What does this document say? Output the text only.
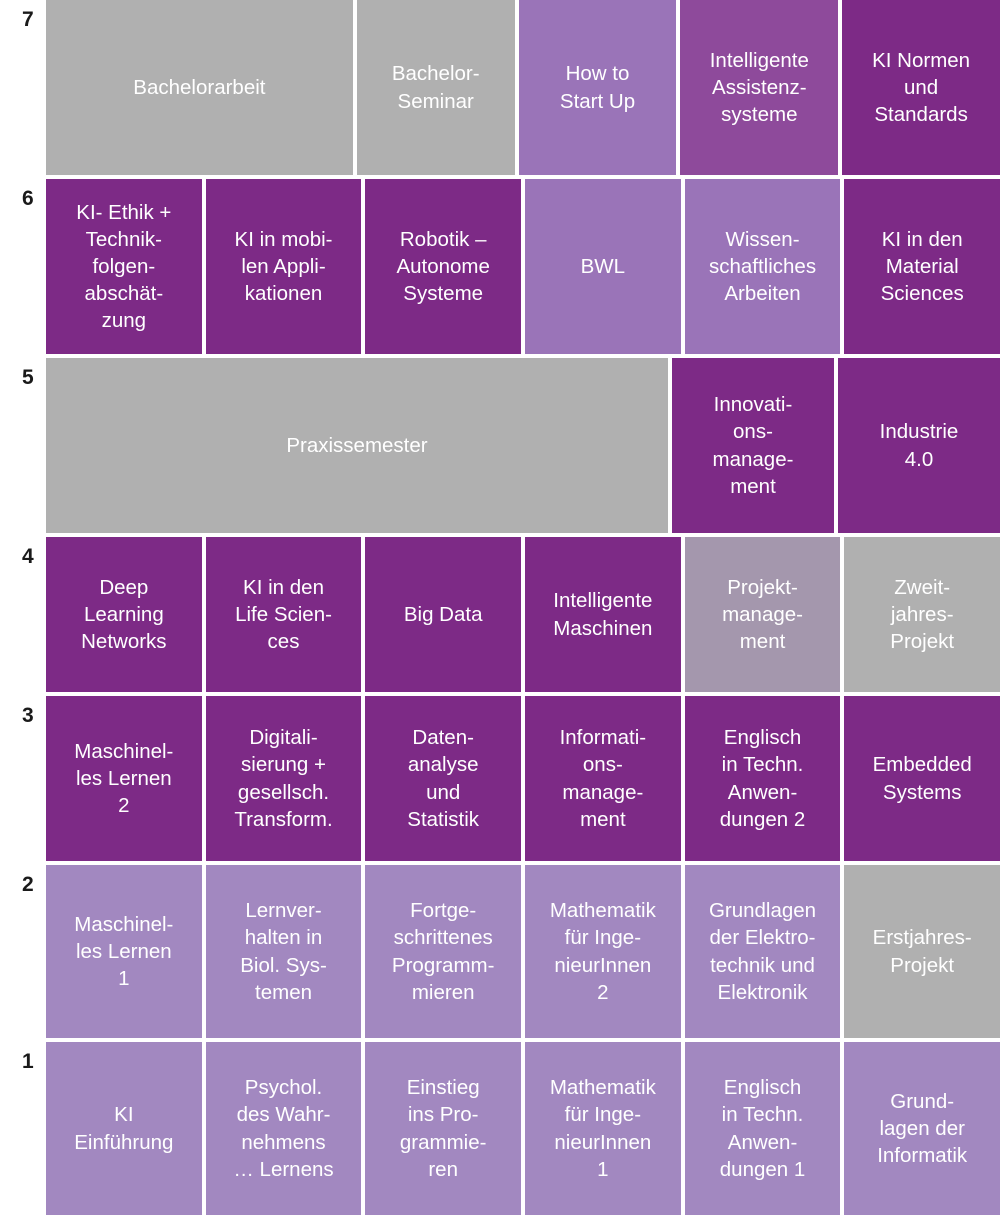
7
Bachelorarbeit
Bachelor-
Seminar
How to
Start Up
Intelligente
Assistenz-
systeme
KI Normen
und
Standards
6
KI- Ethik +
Technik-
folgen-
abschät-
zung
KI in mobi-
len Appli-
kationen
Robotik –
Autonome
Systeme
BWL
Wissen-
schaftliches
Arbeiten
KI in den
Material
Sciences
5
Praxissemester
Innovati-
ons-
manage-
ment
Industrie
4.0
4
Deep
Learning
Networks
KI in den
Life Scien-
ces
Big Data
Intelligente
Maschinen
Projekt-
manage-
ment
Zweit-
jahres-
Projekt
3
Maschinel-
les Lernen
2
Digitali-
sierung +
gesellsch.
Transform.
Daten-
analyse
und
Statistik
Informati-
ons-
manage-
ment
Englisch
in Techn.
Anwen-
dungen 2
Embedded
Systems
2
Maschinel-
les Lernen
1
Lernver-
halten in
Biol. Sys-
temen
Fortge-
schrittenes
Programm-
mieren
Mathematik
für Inge-
nieurInnen
2
Grundlagen
der Elektro-
technik und
Elektronik
Erstjahres-
Projekt
1
KI
Einführung
Psychol.
des Wahr-
nehmens
… Lernens
Einstieg
ins Pro-
grammie-
ren
Mathematik
für Inge-
nieurInnen
1
Englisch
in Techn.
Anwen-
dungen 1
Grund-
lagen der
Informatik
